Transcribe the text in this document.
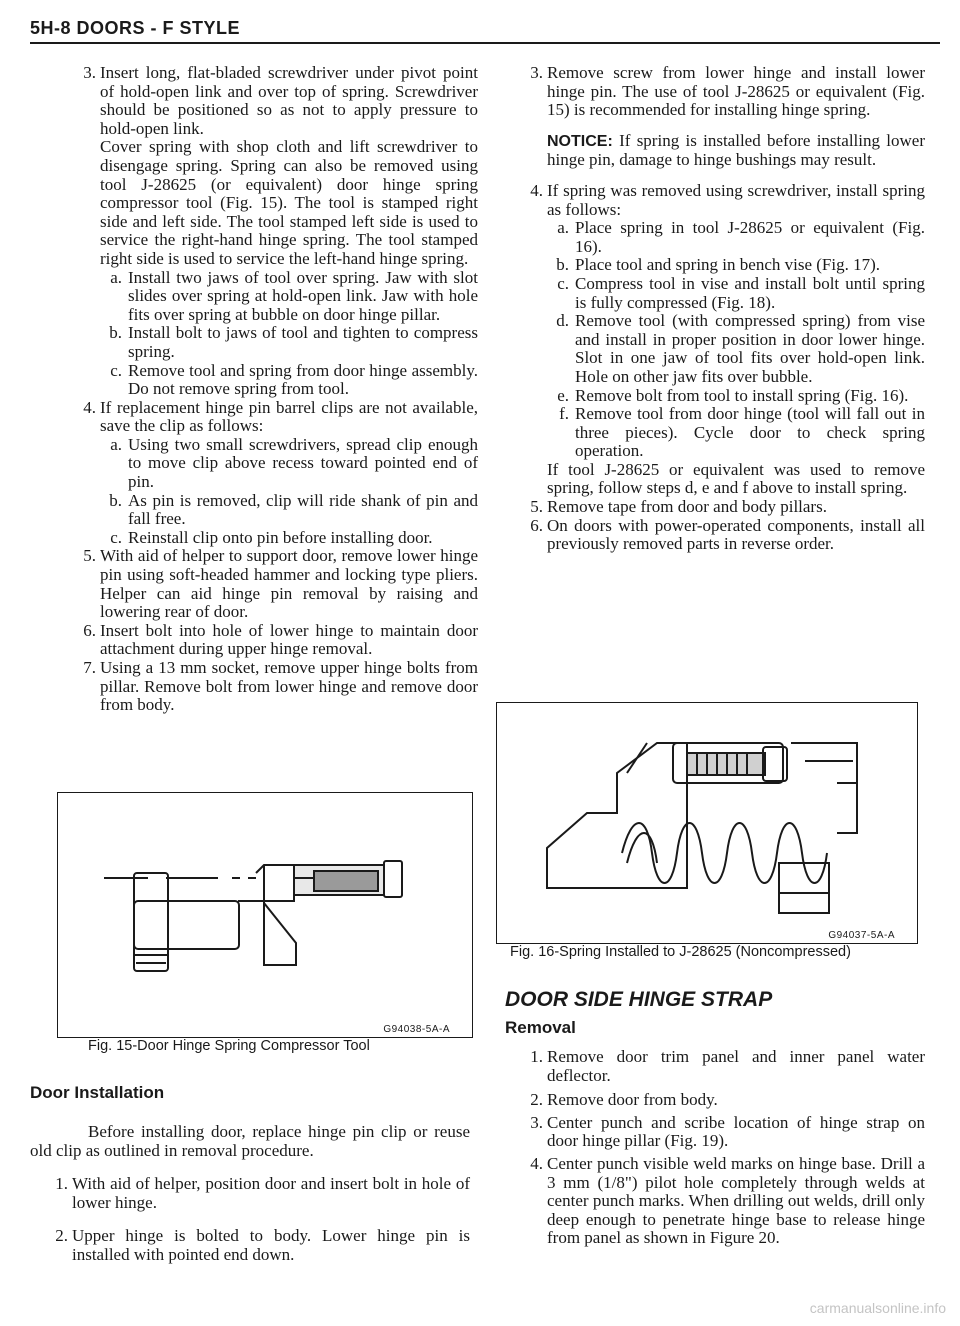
5H-8 DOORS - F STYLE
3. Insert long, flat-bladed screwdriver under pivot point of hold-open link and over top of spring. Screwdriver should be positioned so as not to apply pressure to hold-open link.

Cover spring with shop cloth and lift screwdriver to disengage spring. Spring can also be removed using tool J-28625 (or equivalent) door hinge spring compressor tool (Fig. 15). The tool is stamped right side and left side. The tool stamped left side is used to service the right-hand hinge spring. The tool stamped right side is used to service the left-hand hinge spring.

a. Install two jaws of tool over spring. Jaw with slot slides over spring at hold-open link. Jaw with hole fits over spring at bubble on door hinge pillar.

b. Install bolt to jaws of tool and tighten to compress spring.

c. Remove tool and spring from door hinge assembly. Do not remove spring from tool.

4. If replacement hinge pin barrel clips are not available, save the clip as follows:

a. Using two small screwdrivers, spread clip enough to move clip above recess toward pointed end of pin.

b. As pin is removed, clip will ride shank of pin and fall free.

c. Reinstall clip onto pin before installing door.

5. With aid of helper to support door, remove lower hinge pin using soft-headed hammer and locking type pliers. Helper can aid hinge pin removal by raising and lowering rear of door.

6. Insert bolt into hole of lower hinge to maintain door attachment during upper hinge removal.

7. Using a 13 mm socket, remove upper hinge bolts from pillar. Remove bolt from lower hinge and remove door from body.

G94038-5A-A
Fig. 15-Door Hinge Spring Compressor Tool
Door Installation

Before installing door, replace hinge pin clip or reuse old clip as outlined in removal procedure.

1. With aid of helper, position door and insert bolt in hole of lower hinge.

2. Upper hinge is bolted to body. Lower hinge pin is installed with pointed end down.

3. Remove screw from lower hinge and install lower hinge pin. The use of tool J-28625 or equivalent (Fig. 15) is recommended for installing hinge spring.

NOTICE: If spring is installed before installing lower hinge pin, damage to hinge bushings may result.
4. If spring was removed using screwdriver, install spring as follows:

a. Place spring in tool J-28625 or equivalent (Fig. 16).

b. Place tool and spring in bench vise (Fig. 17).

c. Compress tool in vise and install bolt until spring is fully compressed (Fig. 18).

d. Remove tool (with compressed spring) from vise and install in proper position in door lower hinge. Slot in one jaw of tool fits over hold-open link. Hole on other jaw fits over bubble.

e. Remove bolt from tool to install spring (Fig. 16).

f. Remove tool from door hinge (tool will fall out in three pieces). Cycle door to check spring operation.

If tool J-28625 or equivalent was used to remove spring, follow steps d, e and f above to install spring.

5. Remove tape from door and body pillars.

6. On doors with power-operated components, install all previously removed parts in reverse order.

G94037-5A-A
Fig. 16-Spring Installed to J-28625 (Noncompressed)
DOOR SIDE HINGE STRAP
Removal
1. Remove door trim panel and inner panel water deflector.

2. Remove door from body.

3. Center punch and scribe location of hinge strap on door hinge pillar (Fig. 19).

4. Center punch visible weld marks on hinge base. Drill a 3 mm (1/8") pilot hole completely through welds at center punch marks. When drilling out welds, drill only deep enough to penetrate hinge base to release hinge from panel as shown in Figure 20.

carmanualsonline.info
